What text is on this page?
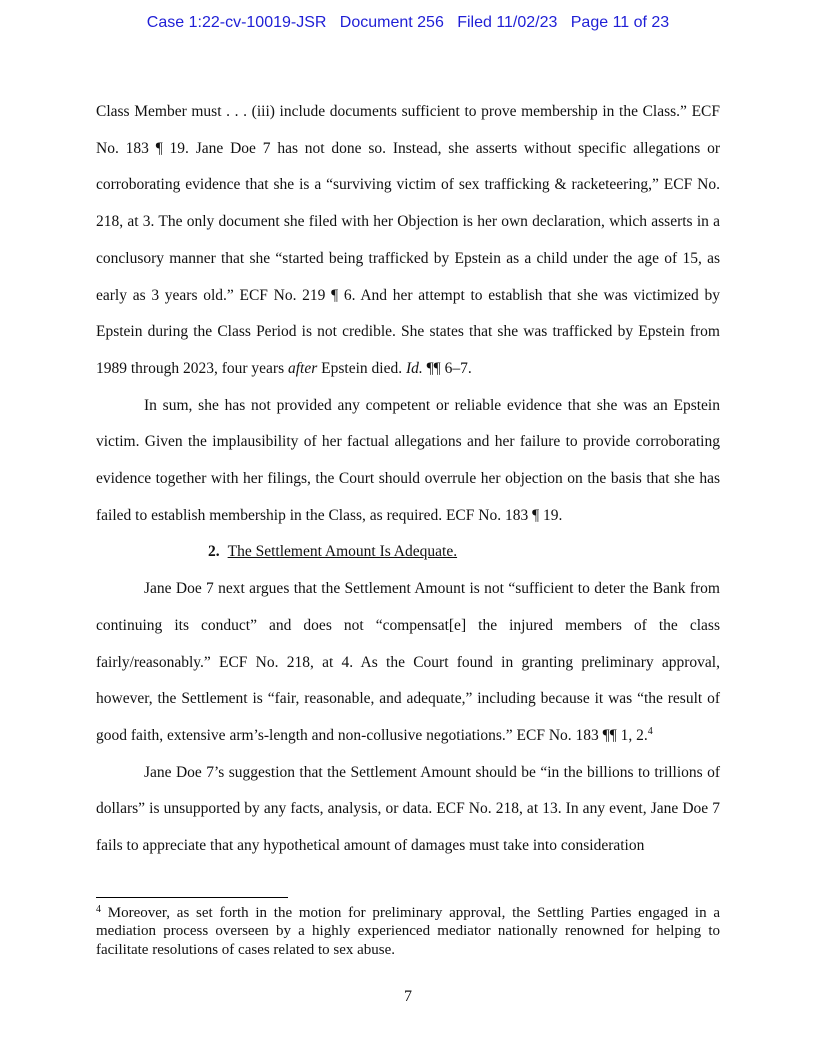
Case 1:22-cv-10019-JSR Document 256 Filed 11/02/23 Page 11 of 23

Class Member must . . . (iii) include documents sufficient to prove membership in the Class.” ECF No. 183 ¶ 19. Jane Doe 7 has not done so. Instead, she asserts without specific allegations or corroborating evidence that she is a “surviving victim of sex trafficking & racketeering,” ECF No. 218, at 3. The only document she filed with her Objection is her own declaration, which asserts in a conclusory manner that she “started being trafficked by Epstein as a child under the age of 15, as early as 3 years old.” ECF No. 219 ¶ 6. And her attempt to establish that she was victimized by Epstein during the Class Period is not credible. She states that she was trafficked by Epstein from 1989 through 2023, four years after Epstein died. Id. ¶¶ 6–7.

In sum, she has not provided any competent or reliable evidence that she was an Epstein victim. Given the implausibility of her factual allegations and her failure to provide corroborating evidence together with her filings, the Court should overrule her objection on the basis that she has failed to establish membership in the Class, as required. ECF No. 183 ¶ 19.

2. The Settlement Amount Is Adequate.

Jane Doe 7 next argues that the Settlement Amount is not “sufficient to deter the Bank from continuing its conduct” and does not “compensat[e] the injured members of the class fairly/reasonably.” ECF No. 218, at 4. As the Court found in granting preliminary approval, however, the Settlement is “fair, reasonable, and adequate,” including because it was “the result of good faith, extensive arm’s-length and non-collusive negotiations.” ECF No. 183 ¶¶ 1, 2.$^4$

Jane Doe 7’s suggestion that the Settlement Amount should be “in the billions to trillions of dollars” is unsupported by any facts, analysis, or data. ECF No. 218, at 13. In any event, Jane Doe 7 fails to appreciate that any hypothetical amount of damages must take into consideration

$^4$ Moreover, as set forth in the motion for preliminary approval, the Settling Parties engaged in a mediation process overseen by a highly experienced mediator nationally renowned for helping to facilitate resolutions of cases related to sex abuse.
7
